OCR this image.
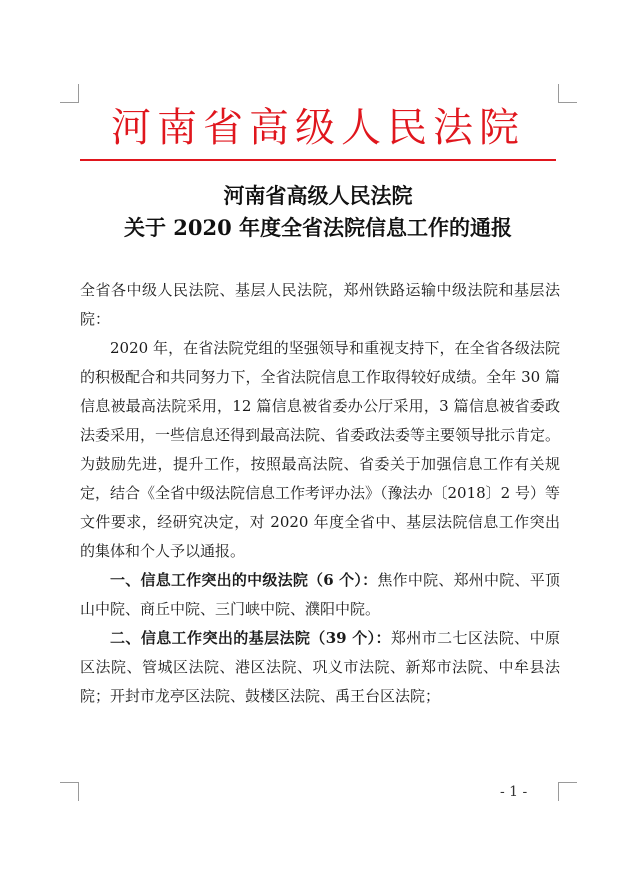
河南省高级人民法院
河南省高级人民法院
关于 2020 年度全省法院信息工作的通报

全省各中级人民法院、基层人民法院，郑州铁路运输中级法院和基层法院：

2020 年，在省法院党组的坚强领导和重视支持下，在全省各级法院的积极配合和共同努力下，全省法院信息工作取得较好成绩。全年 30 篇信息被最高法院采用，12 篇信息被省委办公厅采用，3 篇信息被省委政法委采用，一些信息还得到最高法院、省委政法委等主要领导批示肯定。为鼓励先进，提升工作，按照最高法院、省委关于加强信息工作有关规定，结合《全省中级法院信息工作考评办法》（豫法办〔2018〕2 号）等文件要求，经研究决定，对 2020 年度全省中、基层法院信息工作突出的集体和个人予以通报。

一、信息工作突出的中级法院（6 个）：焦作中院、郑州中院、平顶山中院、商丘中院、三门峡中院、濮阳中院。

二、信息工作突出的基层法院（39 个）：郑州市二七区法院、中原区法院、管城区法院、港区法院、巩义市法院、新郑市法院、中牟县法院；开封市龙亭区法院、鼓楼区法院、禹王台区法院；

- 1 -
